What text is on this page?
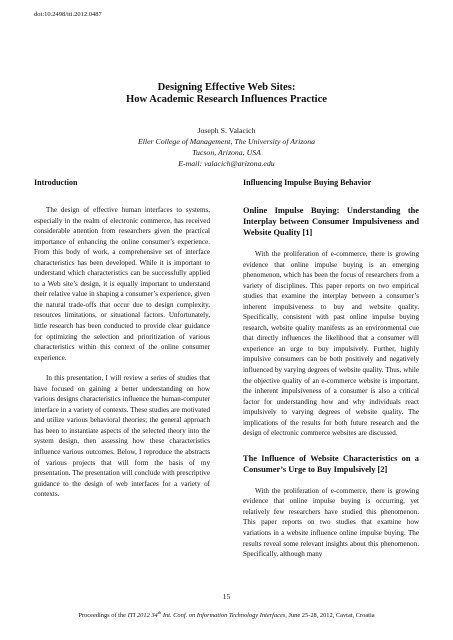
doi:10.2498/iti.2012.0487
Designing Effective Web Sites:
How Academic Research Influences Practice
Joseph S. Valacich
Eller College of Management, The University of Arizona
Tucson, Arizona, USA
E-mail: valacich@arizona.edu
Introduction

The design of effective human interfaces to systems, especially in the realm of electronic commerce, has received considerable attention from researchers given the practical importance of enhancing the online consumer’s experience. From this body of work, a comprehensive set of interface characteristics has been developed. While it is important to understand which characteristics can be successfully applied to a Web site’s design, it is equally important to understand their relative value in shaping a consumer’s experience, given the natural trade-offs that occur due to design complexity, resources limitations, or situational factors. Unfortunately, little research has been conducted to provide clear guidance for optimizing the selection and prioritization of various characteristics within this context of the online consumer experience.

In this presentation, I will review a series of studies that have focused on gaining a better understanding on how various designs characteristics influence the human-computer interface in a variety of contexts. These studies are motivated and utilize various behavioral theories; the general approach has been to instantiate aspects of the selected theory into the system design, then assessing how these characteristics influence various outcomes. Below, I reproduce the abstracts of various projects that will form the basis of my presentation. The presentation will conclude with prescriptive guidance to the design of web interfaces for a variety of contexts.

Influencing Impulse Buying Behavior
Online Impulse Buying: Understanding the Interplay between Consumer Impulsiveness and Website Quality [1]

With the proliferation of e-commerce, there is growing evidence that online impulse buying is an emerging phenomenon, which has been the focus of researchers from a variety of disciplines. This paper reports on two empirical studies that examine the interplay between a consumer’s inherent impulsiveness to buy and website quality. Specifically, consistent with past online impulse buying research, website quality manifests as an environmental cue that directly influences the likelihood that a consumer will experience an urge to buy impulsively. Further, highly impulsive consumers can be both positively and negatively influenced by varying degrees of website quality. Thus, while the objective quality of an e-commerce website is important, the inherent impulsiveness of a consumer is also a critical factor for understanding how and why individuals react impulsively to varying degrees of website quality. The implications of the results for both future research and the design of electronic commerce websites are discussed.

The Influence of Website Characteristics on a Consumer’s Urge to Buy Impulsively [2]

With the proliferation of e-commerce, there is growing evidence that online impulse buying is occurring, yet relatively few researchers have studied this phenomenon. This paper reports on two studies that examine how variations in a website influence online impulse buying. The results reveal some relevant insights about this phenomenon. Specifically, although many

15
Proceedings of the ITI 2012 34th Int. Conf. on Information Technology Interfaces, June 25-28, 2012, Cavtat, Croatia
